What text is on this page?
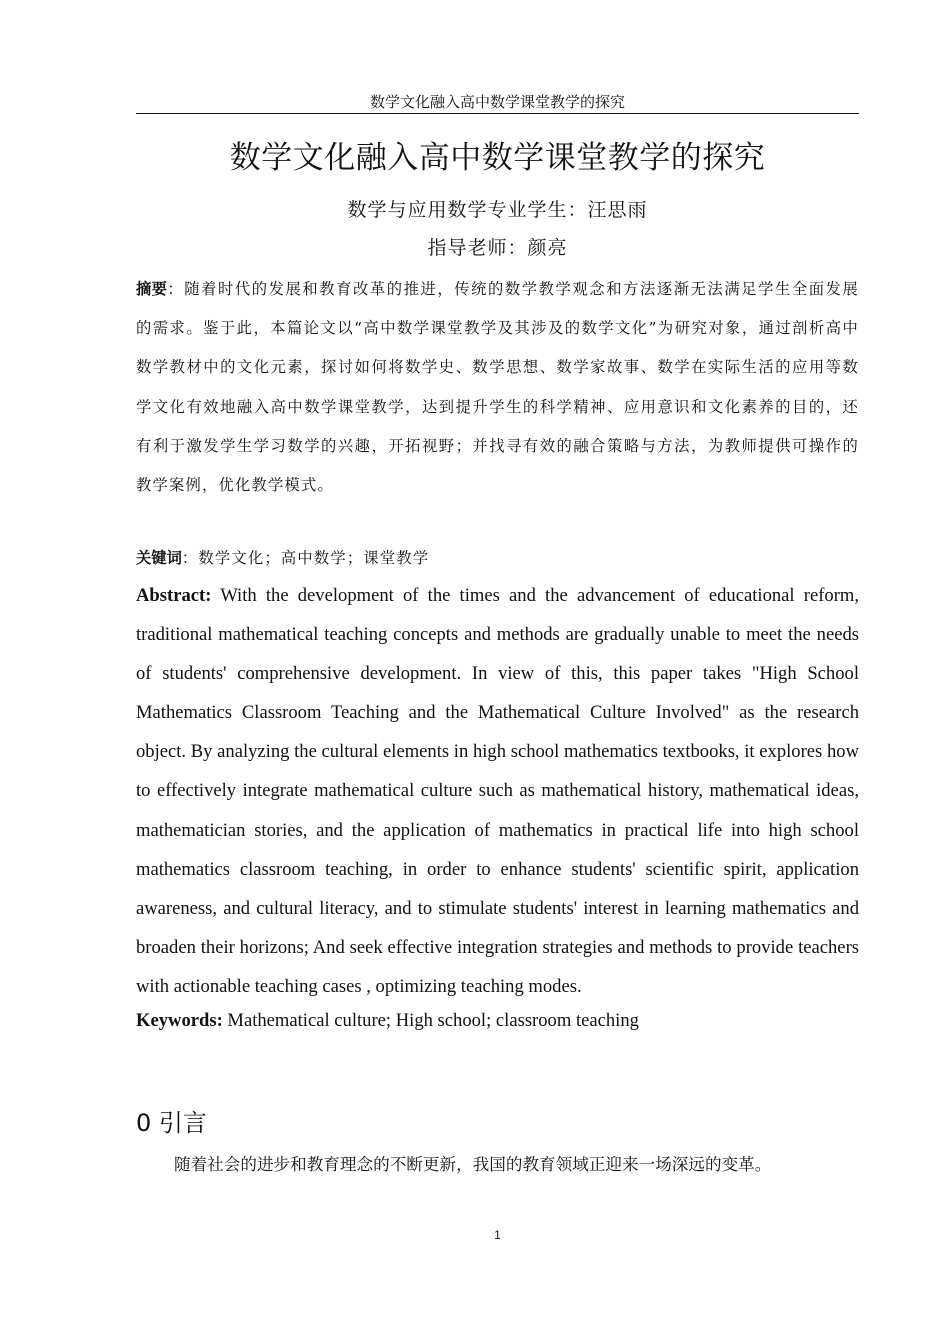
数学文化融入高中数学课堂教学的探究
数学文化融入高中数学课堂教学的探究
数学与应用数学专业学生：汪思雨
指导老师：颜亮

摘要：随着时代的发展和教育改革的推进，传统的数学教学观念和方法逐渐无法满足学生全面发展的需求。鉴于此，本篇论文以“高中数学课堂教学及其涉及的数学文化”为研究对象，通过剖析高中数学教材中的文化元素，探讨如何将数学史、数学思想、数学家故事、数学在实际生活的应用等数学文化有效地融入高中数学课堂教学，达到提升学生的科学精神、应用意识和文化素养的目的，还有利于激发学生学习数学的兴趣，开拓视野；并找寻有效的融合策略与方法，为教师提供可操作的教学案例，优化教学模式。

关键词：数学文化；高中数学；课堂教学

Abstract: With the development of the times and the advancement of educational reform, traditional mathematical teaching concepts and methods are gradually unable to meet the needs of students' comprehensive development. In view of this, this paper takes "High School Mathematics Classroom Teaching and the Mathematical Culture Involved" as the research object. By analyzing the cultural elements in high school mathematics textbooks, it explores how to effectively integrate mathematical culture such as mathematical history, mathematical ideas, mathematician stories, and the application of mathematics in practical life into high school mathematics classroom teaching, in order to enhance students' scientific spirit, application awareness, and cultural literacy, and to stimulate students' interest in learning mathematics and broaden their horizons; And seek effective integration strategies and methods to provide teachers with actionable teaching cases , optimizing teaching modes.

Keywords: Mathematical culture; High school; classroom teaching

0 引言

随着社会的进步和教育理念的不断更新，我国的教育领域正迎来一场深远的变革。

1
